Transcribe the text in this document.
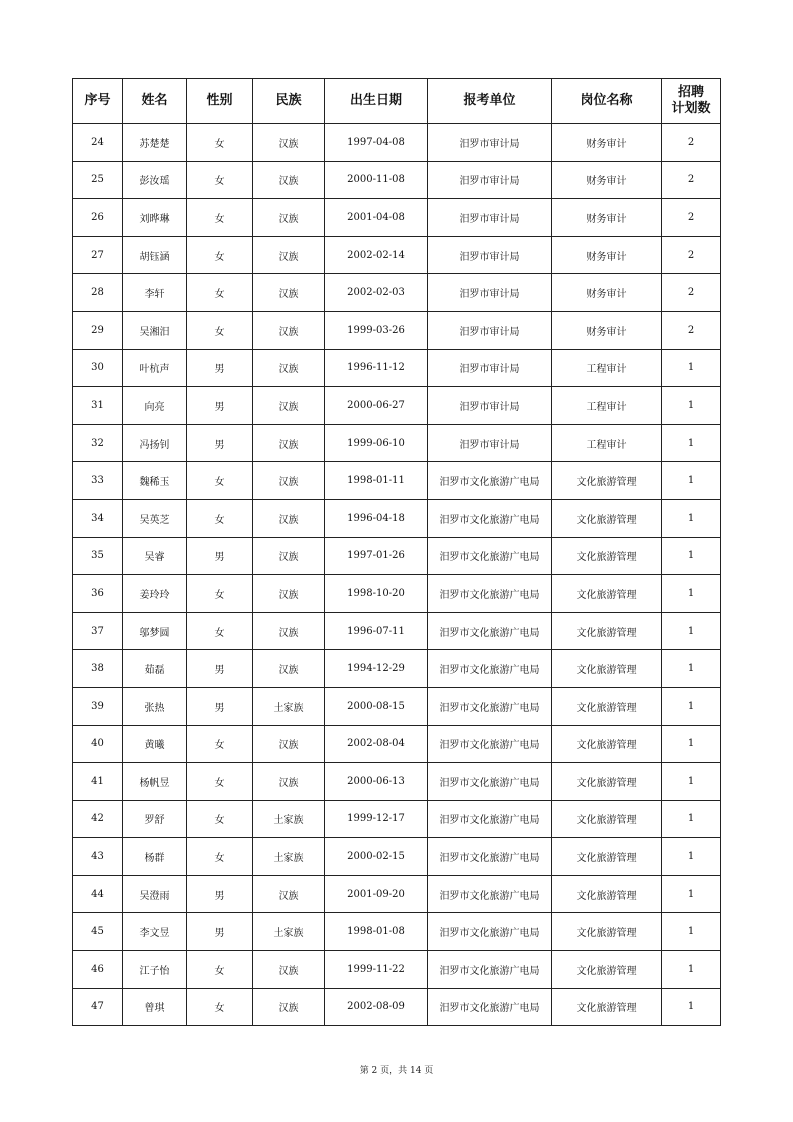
序号	姓名	性别	民族	出生日期	报考单位	岗位名称	招聘
计划数
24	苏楚楚	女	汉族	1997-04-08	汨罗市审计局	财务审计	2
25	彭汝瑶	女	汉族	2000-11-08	汨罗市审计局	财务审计	2
26	刘晔琳	女	汉族	2001-04-08	汨罗市审计局	财务审计	2
27	胡钰涵	女	汉族	2002-02-14	汨罗市审计局	财务审计	2
28	李轩	女	汉族	2002-02-03	汨罗市审计局	财务审计	2
29	吴湘汨	女	汉族	1999-03-26	汨罗市审计局	财务审计	2
30	叶杭声	男	汉族	1996-11-12	汨罗市审计局	工程审计	1
31	向亮	男	汉族	2000-06-27	汨罗市审计局	工程审计	1
32	冯扬钊	男	汉族	1999-06-10	汨罗市审计局	工程审计	1
33	魏稀玉	女	汉族	1998-01-11	汨罗市文化旅游广电局	文化旅游管理	1
34	吴英芝	女	汉族	1996-04-18	汨罗市文化旅游广电局	文化旅游管理	1
35	吴睿	男	汉族	1997-01-26	汨罗市文化旅游广电局	文化旅游管理	1
36	姜玲玲	女	汉族	1998-10-20	汨罗市文化旅游广电局	文化旅游管理	1
37	邬梦圆	女	汉族	1996-07-11	汨罗市文化旅游广电局	文化旅游管理	1
38	茹磊	男	汉族	1994-12-29	汨罗市文化旅游广电局	文化旅游管理	1
39	张热	男	土家族	2000-08-15	汨罗市文化旅游广电局	文化旅游管理	1
40	黄曦	女	汉族	2002-08-04	汨罗市文化旅游广电局	文化旅游管理	1
41	杨帆昱	女	汉族	2000-06-13	汨罗市文化旅游广电局	文化旅游管理	1
42	罗舒	女	土家族	1999-12-17	汨罗市文化旅游广电局	文化旅游管理	1
43	杨群	女	土家族	2000-02-15	汨罗市文化旅游广电局	文化旅游管理	1
44	吴澄雨	男	汉族	2001-09-20	汨罗市文化旅游广电局	文化旅游管理	1
45	李文昱	男	土家族	1998-01-08	汨罗市文化旅游广电局	文化旅游管理	1
46	江子怡	女	汉族	1999-11-22	汨罗市文化旅游广电局	文化旅游管理	1
47	曾琪	女	汉族	2002-08-09	汨罗市文化旅游广电局	文化旅游管理	1
第 2 页，共 14 页
